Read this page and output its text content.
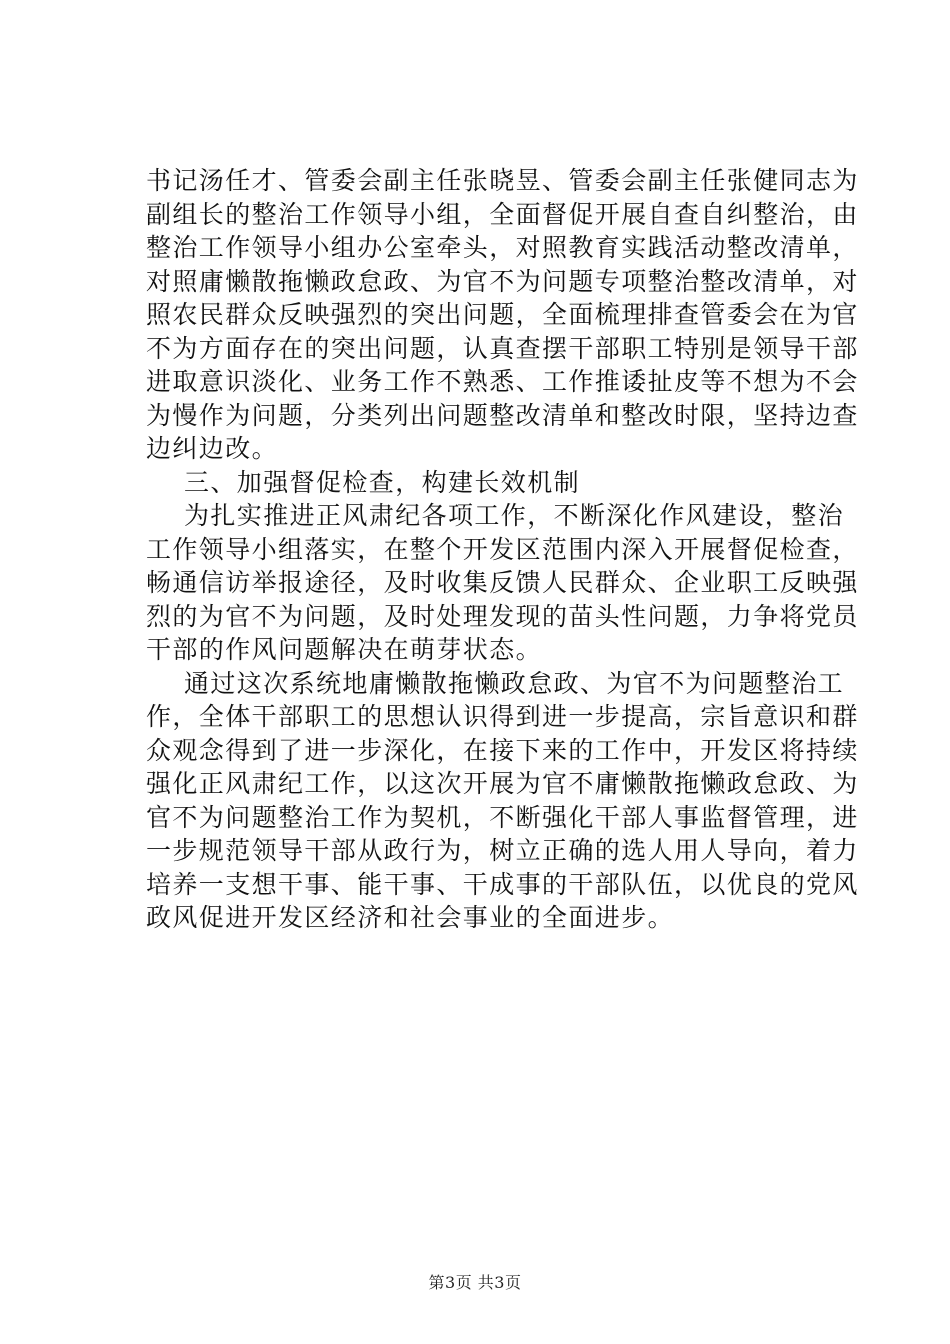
书记汤任才、管委会副主任张晓昱、管委会副主任张健同志为
副组长的整治工作领导小组，全面督促开展自查自纠整治，由
整治工作领导小组办公室牵头，对照教育实践活动整改清单，
对照庸懒散拖懒政怠政、为官不为问题专项整治整改清单，对
照农民群众反映强烈的突出问题，全面梳理排查管委会在为官
不为方面存在的突出问题，认真查摆干部职工特别是领导干部
进取意识淡化、业务工作不熟悉、工作推诿扯皮等不想为不会
为慢作为问题，分类列出问题整改清单和整改时限，坚持边查
边纠边改。
三、加强督促检查，构建长效机制
为扎实推进正风肃纪各项工作，不断深化作风建设，整治
工作领导小组落实，在整个开发区范围内深入开展督促检查，
畅通信访举报途径，及时收集反馈人民群众、企业职工反映强
烈的为官不为问题，及时处理发现的苗头性问题，力争将党员
干部的作风问题解决在萌芽状态。
通过这次系统地庸懒散拖懒政怠政、为官不为问题整治工
作，全体干部职工的思想认识得到进一步提高，宗旨意识和群
众观念得到了进一步深化，在接下来的工作中，开发区将持续
强化正风肃纪工作，以这次开展为官不庸懒散拖懒政怠政、为
官不为问题整治工作为契机，不断强化干部人事监督管理，进
一步规范领导干部从政行为，树立正确的选人用人导向，着力
培养一支想干事、能干事、干成事的干部队伍，以优良的党风
政风促进开发区经济和社会事业的全面进步。
第3页 共3页
